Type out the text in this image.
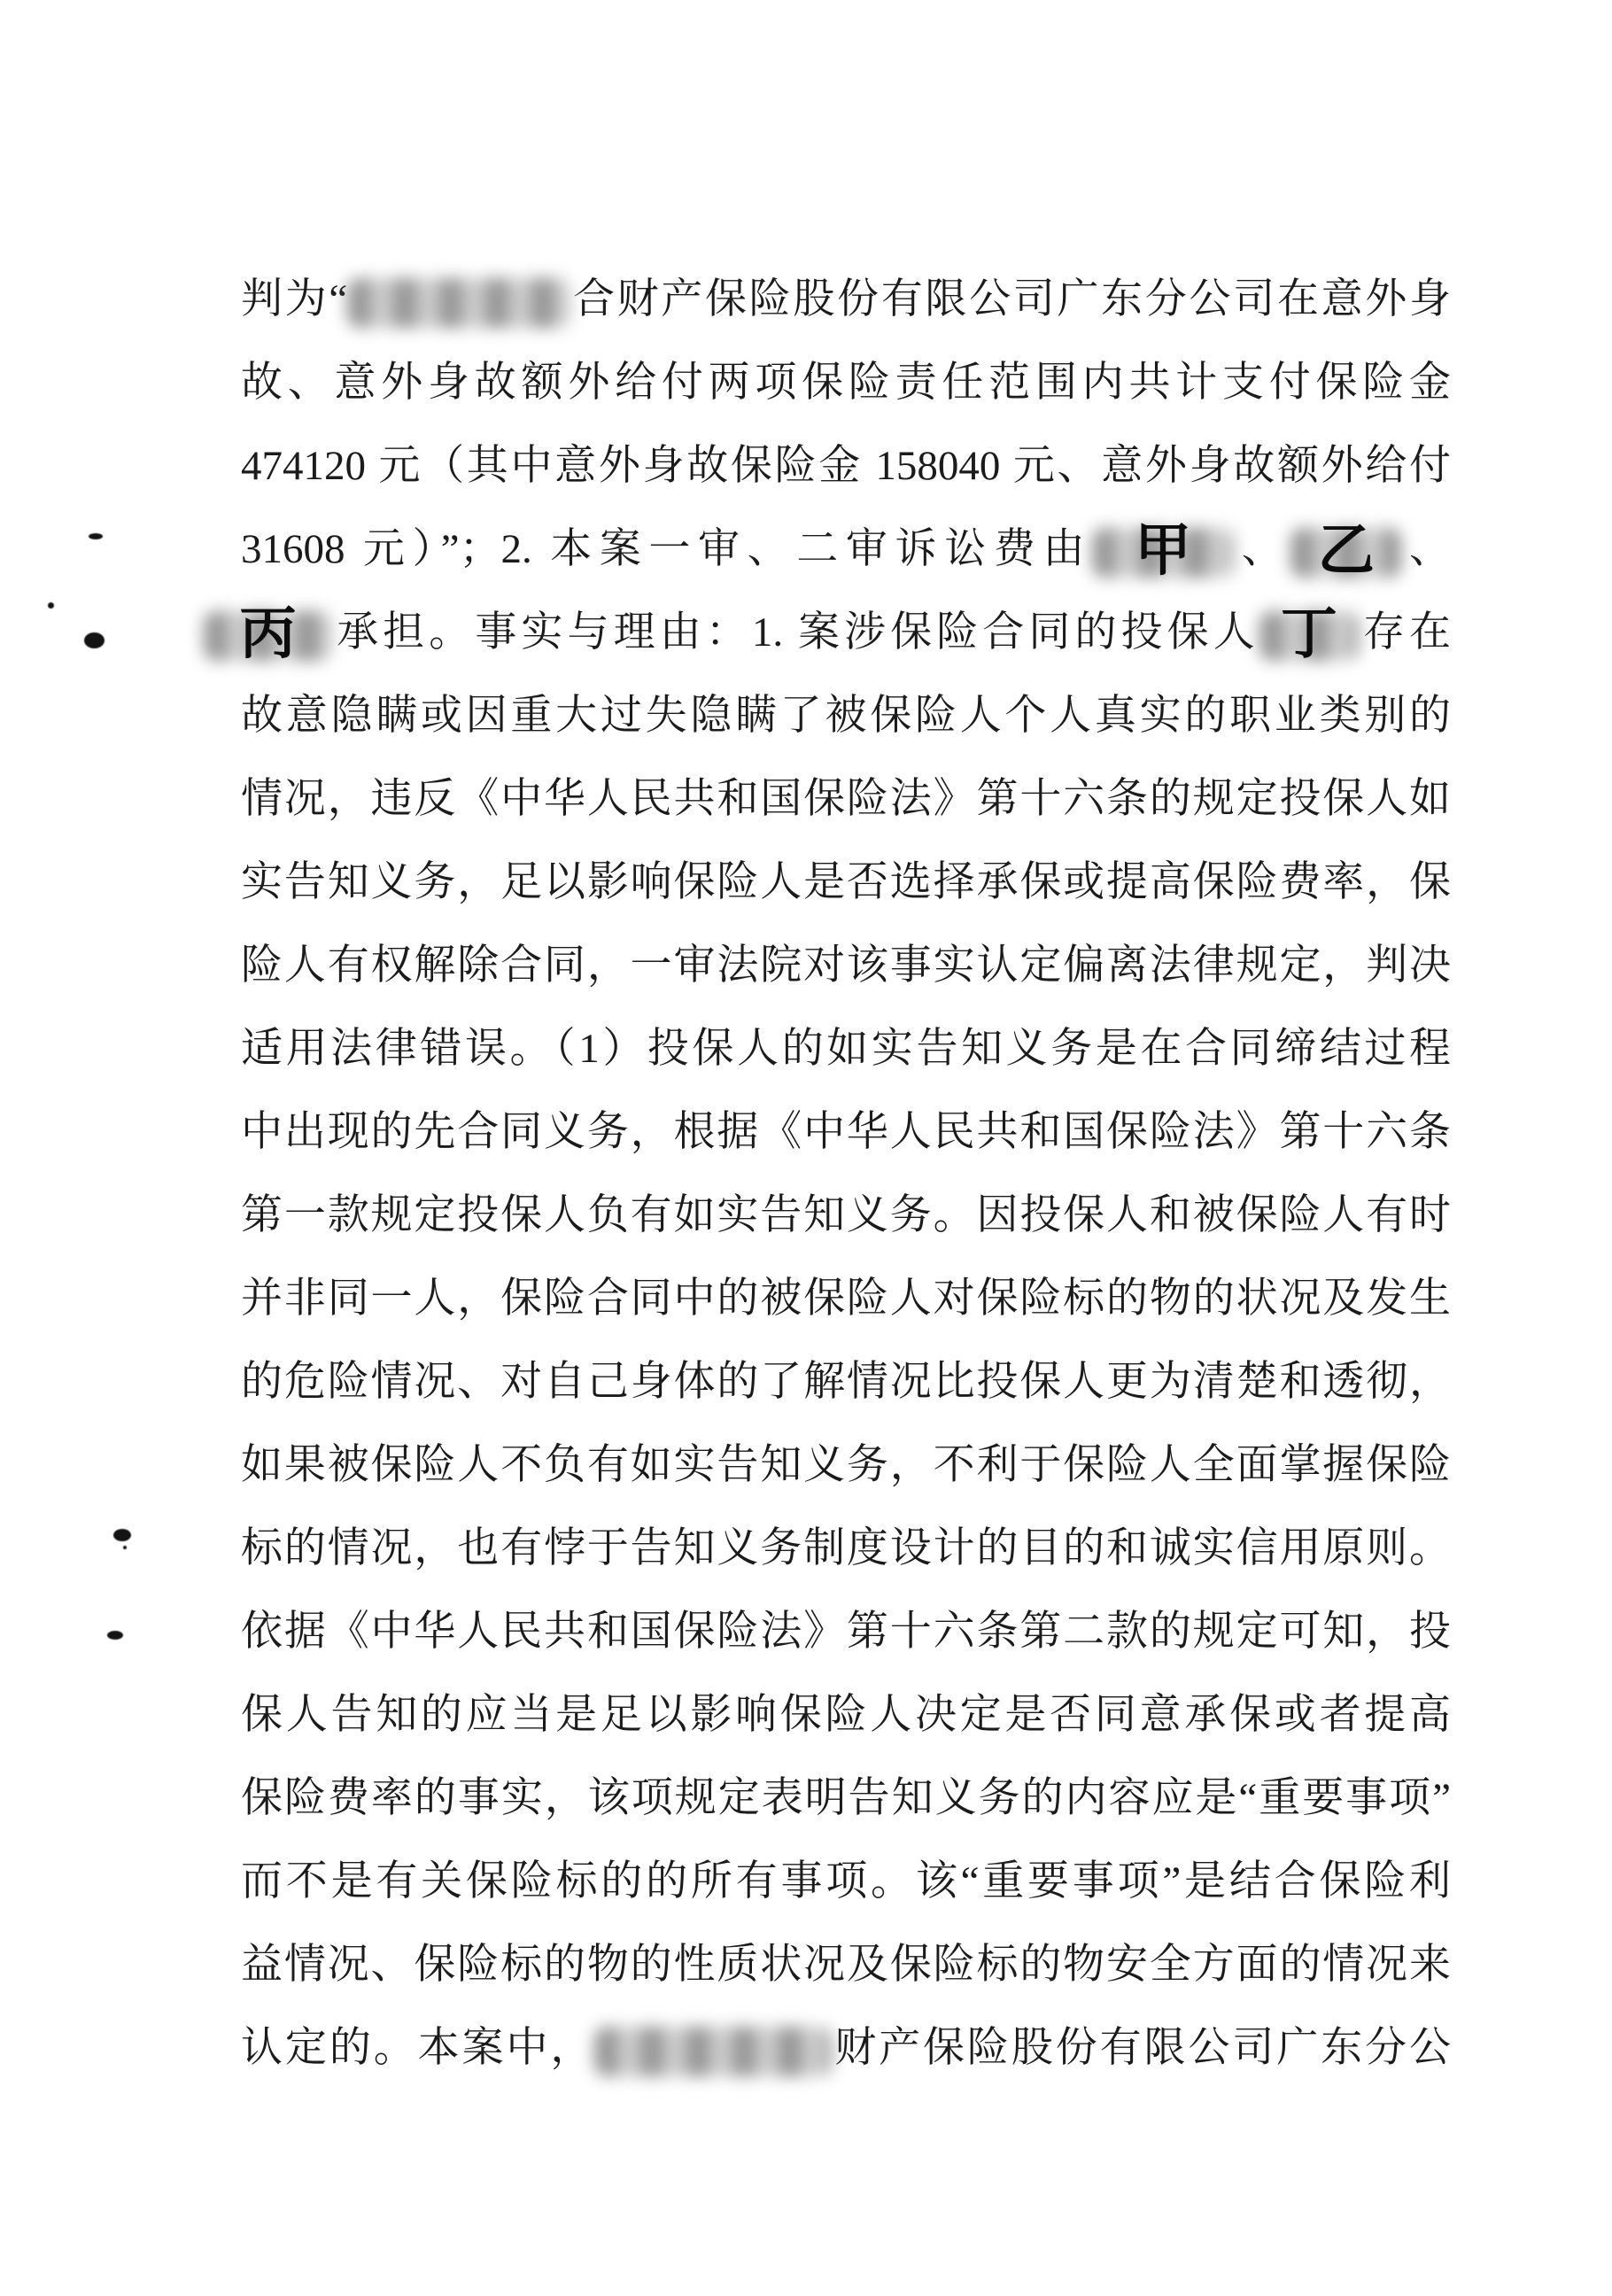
判为“	合财产保险股份有限公司广东分公司在意外身
故、意外身故额外给付两项保险责任范围内共计支付保险金
474120 元（其中意外身故保险金 158040 元、意外身故额外给付
31608 元）”；2. 本案一审、二审诉讼费由 甲 、 乙 、
丙 承担。事实与理由：1. 案涉保险合同的投保人 丁 存在
故意隐瞒或因重大过失隐瞒了被保险人个人真实的职业类别的
情况，违反《中华人民共和国保险法》第十六条的规定投保人如
实告知义务，足以影响保险人是否选择承保或提高保险费率，保
险人有权解除合同，一审法院对该事实认定偏离法律规定，判决
适用法律错误。（1）投保人的如实告知义务是在合同缔结过程
中出现的先合同义务，根据《中华人民共和国保险法》第十六条
第一款规定投保人负有如实告知义务。因投保人和被保险人有时
并非同一人，保险合同中的被保险人对保险标的物的状况及发生
的危险情况、对自己身体的了解情况比投保人更为清楚和透彻，
如果被保险人不负有如实告知义务，不利于保险人全面掌握保险
标的情况，也有悖于告知义务制度设计的目的和诚实信用原则。
依据《中华人民共和国保险法》第十六条第二款的规定可知，投
保人告知的应当是足以影响保险人决定是否同意承保或者提高
保险费率的事实，该项规定表明告知义务的内容应是“重要事项”
而不是有关保险标的的所有事项。该“重要事项”是结合保险利
益情况、保险标的物的性质状况及保险标的物安全方面的情况来
认定的。本案中，	财产保险股份有限公司广东分公
